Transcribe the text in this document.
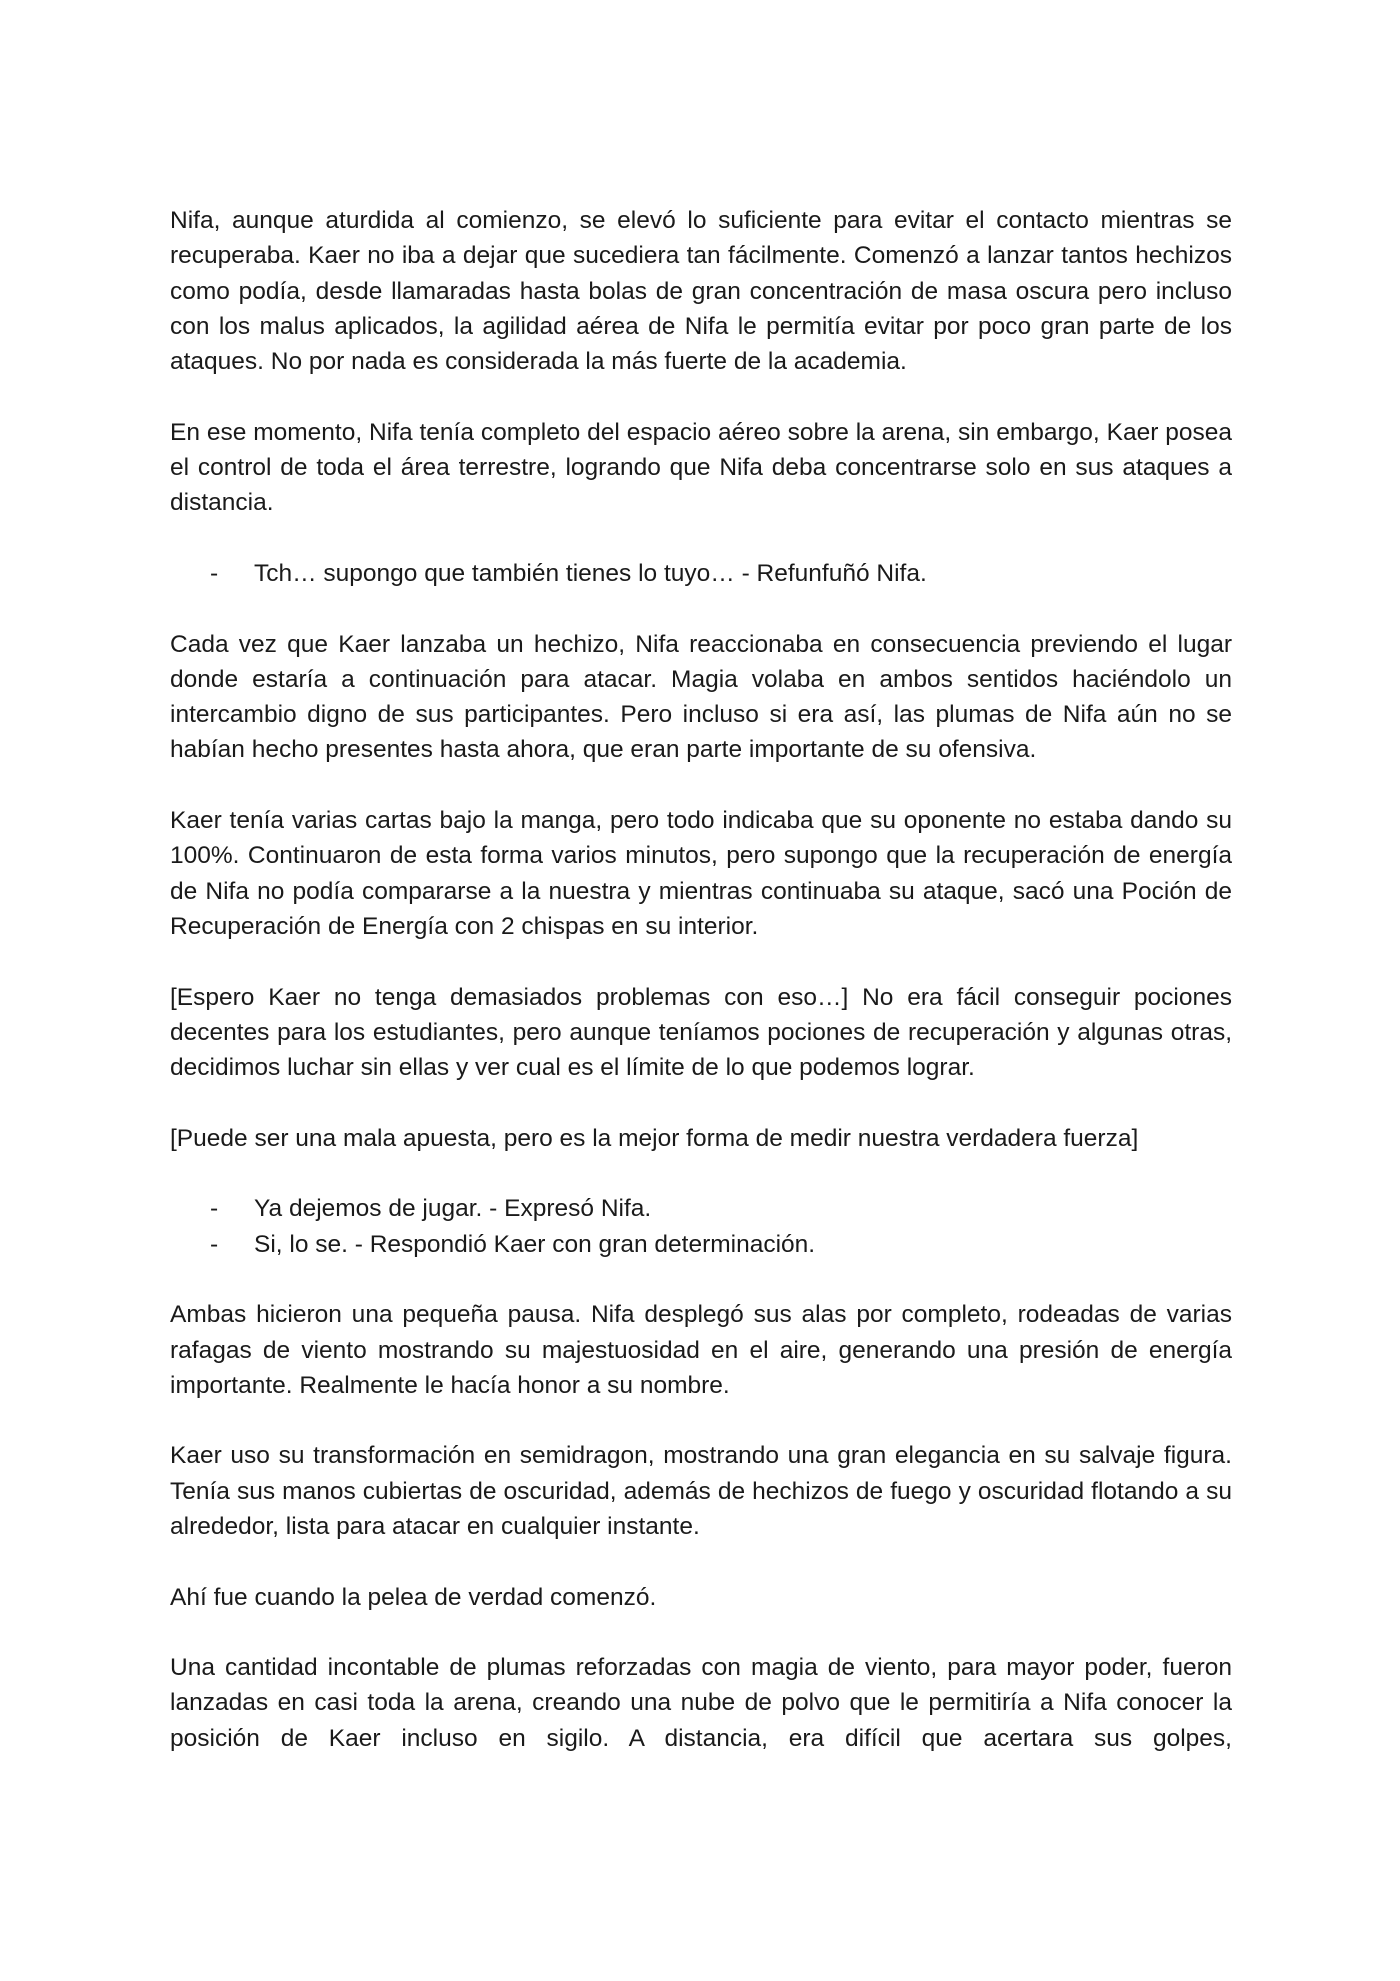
Nifa, aunque aturdida al comienzo, se elevó lo suficiente para evitar el contacto mientras se recuperaba. Kaer no iba a dejar que sucediera tan fácilmente. Comenzó a lanzar tantos hechizos como podía, desde llamaradas hasta bolas de gran concentración de masa oscura pero incluso con los malus aplicados, la agilidad aérea de Nifa le permitía evitar por poco gran parte de los ataques. No por nada es considerada la más fuerte de la academia.

En ese momento, Nifa tenía completo del espacio aéreo sobre la arena, sin embargo, Kaer posea el control de toda el área terrestre, logrando que Nifa deba concentrarse solo en sus ataques a distancia.

- Tch… supongo que también tienes lo tuyo… - Refunfuñó Nifa.

Cada vez que Kaer lanzaba un hechizo, Nifa reaccionaba en consecuencia previendo el lugar donde estaría a continuación para atacar. Magia volaba en ambos sentidos haciéndolo un intercambio digno de sus participantes. Pero incluso si era así, las plumas de Nifa aún no se habían hecho presentes hasta ahora, que eran parte importante de su ofensiva.

Kaer tenía varias cartas bajo la manga, pero todo indicaba que su oponente no estaba dando su 100%. Continuaron de esta forma varios minutos, pero supongo que la recuperación de energía de Nifa no podía compararse a la nuestra y mientras continuaba su ataque, sacó una Poción de Recuperación de Energía con 2 chispas en su interior.

[Espero Kaer no tenga demasiados problemas con eso…] No era fácil conseguir pociones decentes para los estudiantes, pero aunque teníamos pociones de recuperación y algunas otras, decidimos luchar sin ellas y ver cual es el límite de lo que podemos lograr.

[Puede ser una mala apuesta, pero es la mejor forma de medir nuestra verdadera fuerza]

- Ya dejemos de jugar. - Expresó Nifa.
- Si, lo se. - Respondió Kaer con gran determinación.

Ambas hicieron una pequeña pausa. Nifa desplegó sus alas por completo, rodeadas de varias rafagas de viento mostrando su majestuosidad en el aire, generando una presión de energía importante. Realmente le hacía honor a su nombre.

Kaer uso su transformación en semidragon, mostrando una gran elegancia en su salvaje figura. Tenía sus manos cubiertas de oscuridad, además de hechizos de fuego y oscuridad flotando a su alrededor, lista para atacar en cualquier instante.

Ahí fue cuando la pelea de verdad comenzó.

Una cantidad incontable de plumas reforzadas con magia de viento, para mayor poder, fueron lanzadas en casi toda la arena, creando una nube de polvo que le permitiría a Nifa conocer la posición de Kaer incluso en sigilo. A distancia, era difícil que acertara sus golpes,
